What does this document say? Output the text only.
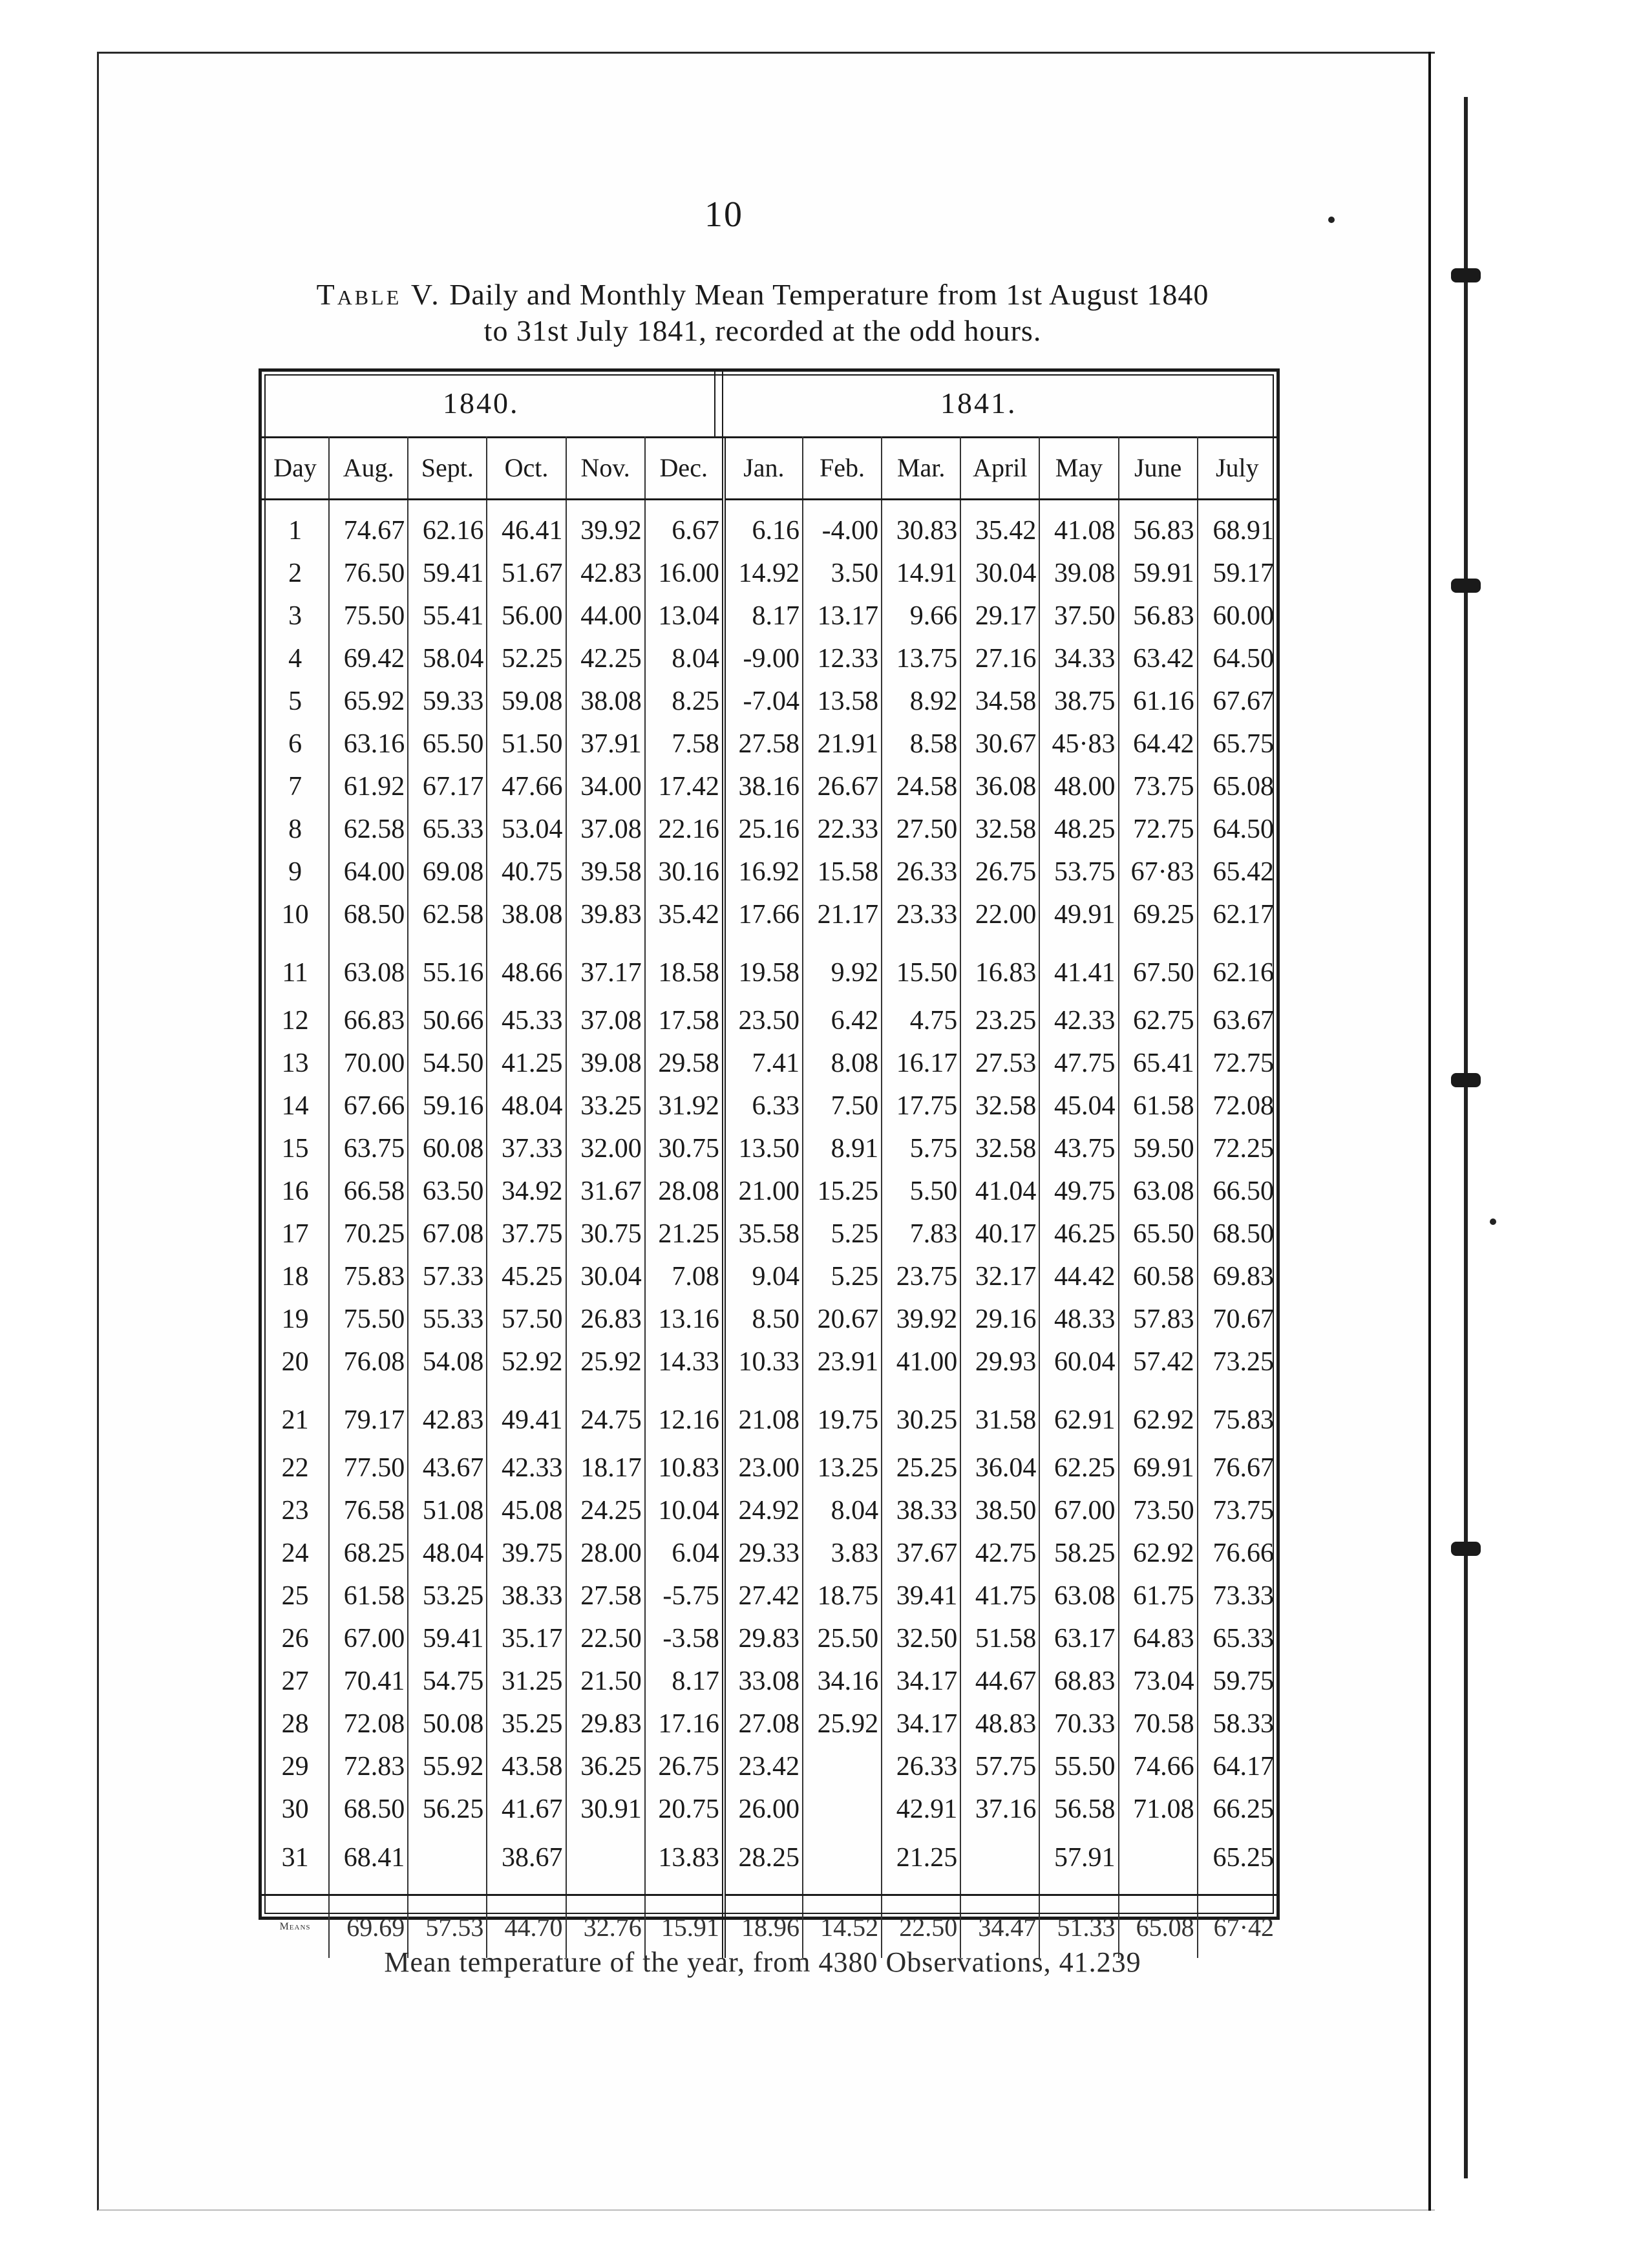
10
Table V. Daily and Monthly Mean Temperature from 1st August 1840
to 31st July 1841, recorded at the odd hours.
1840.	1841.
Day	Aug.	Sept.	Oct.	Nov.	Dec.	Jan.	Feb.	Mar.	April	May	June	July
1	74.67	62.16	46.41	39.92	6.67	6.16	-4.00	30.83	35.42	41.08	56.83	68.91
2	76.50	59.41	51.67	42.83	16.00	14.92	3.50	14.91	30.04	39.08	59.91	59.17
3	75.50	55.41	56.00	44.00	13.04	8.17	13.17	9.66	29.17	37.50	56.83	60.00
4	69.42	58.04	52.25	42.25	8.04	-9.00	12.33	13.75	27.16	34.33	63.42	64.50
5	65.92	59.33	59.08	38.08	8.25	-7.04	13.58	8.92	34.58	38.75	61.16	67.67
6	63.16	65.50	51.50	37.91	7.58	27.58	21.91	8.58	30.67	45·83	64.42	65.75
7	61.92	67.17	47.66	34.00	17.42	38.16	26.67	24.58	36.08	48.00	73.75	65.08
8	62.58	65.33	53.04	37.08	22.16	25.16	22.33	27.50	32.58	48.25	72.75	64.50
9	64.00	69.08	40.75	39.58	30.16	16.92	15.58	26.33	26.75	53.75	67·83	65.42
10	68.50	62.58	38.08	39.83	35.42	17.66	21.17	23.33	22.00	49.91	69.25	62.17
11	63.08	55.16	48.66	37.17	18.58	19.58	9.92	15.50	16.83	41.41	67.50	62.16
12	66.83	50.66	45.33	37.08	17.58	23.50	6.42	4.75	23.25	42.33	62.75	63.67
13	70.00	54.50	41.25	39.08	29.58	7.41	8.08	16.17	27.53	47.75	65.41	72.75
14	67.66	59.16	48.04	33.25	31.92	6.33	7.50	17.75	32.58	45.04	61.58	72.08
15	63.75	60.08	37.33	32.00	30.75	13.50	8.91	5.75	32.58	43.75	59.50	72.25
16	66.58	63.50	34.92	31.67	28.08	21.00	15.25	5.50	41.04	49.75	63.08	66.50
17	70.25	67.08	37.75	30.75	21.25	35.58	5.25	7.83	40.17	46.25	65.50	68.50
18	75.83	57.33	45.25	30.04	7.08	9.04	5.25	23.75	32.17	44.42	60.58	69.83
19	75.50	55.33	57.50	26.83	13.16	8.50	20.67	39.92	29.16	48.33	57.83	70.67
20	76.08	54.08	52.92	25.92	14.33	10.33	23.91	41.00	29.93	60.04	57.42	73.25
21	79.17	42.83	49.41	24.75	12.16	21.08	19.75	30.25	31.58	62.91	62.92	75.83
22	77.50	43.67	42.33	18.17	10.83	23.00	13.25	25.25	36.04	62.25	69.91	76.67
23	76.58	51.08	45.08	24.25	10.04	24.92	8.04	38.33	38.50	67.00	73.50	73.75
24	68.25	48.04	39.75	28.00	6.04	29.33	3.83	37.67	42.75	58.25	62.92	76.66
25	61.58	53.25	38.33	27.58	-5.75	27.42	18.75	39.41	41.75	63.08	61.75	73.33
26	67.00	59.41	35.17	22.50	-3.58	29.83	25.50	32.50	51.58	63.17	64.83	65.33
27	70.41	54.75	31.25	21.50	8.17	33.08	34.16	34.17	44.67	68.83	73.04	59.75
28	72.08	50.08	35.25	29.83	17.16	27.08	25.92	34.17	48.83	70.33	70.58	58.33
29	72.83	55.92	43.58	36.25	26.75	23.42		26.33	57.75	55.50	74.66	64.17
30	68.50	56.25	41.67	30.91	20.75	26.00		42.91	37.16	56.58	71.08	66.25
31	68.41		38.67		13.83	28.25		21.25		57.91		65.25
Means	69.69	57.53	44.70	32.76	15.91	18.96	14.52	22.50	34.47	51.33	65.08	67·42
Mean temperature of the year, from 4380 Observations, 41.239
